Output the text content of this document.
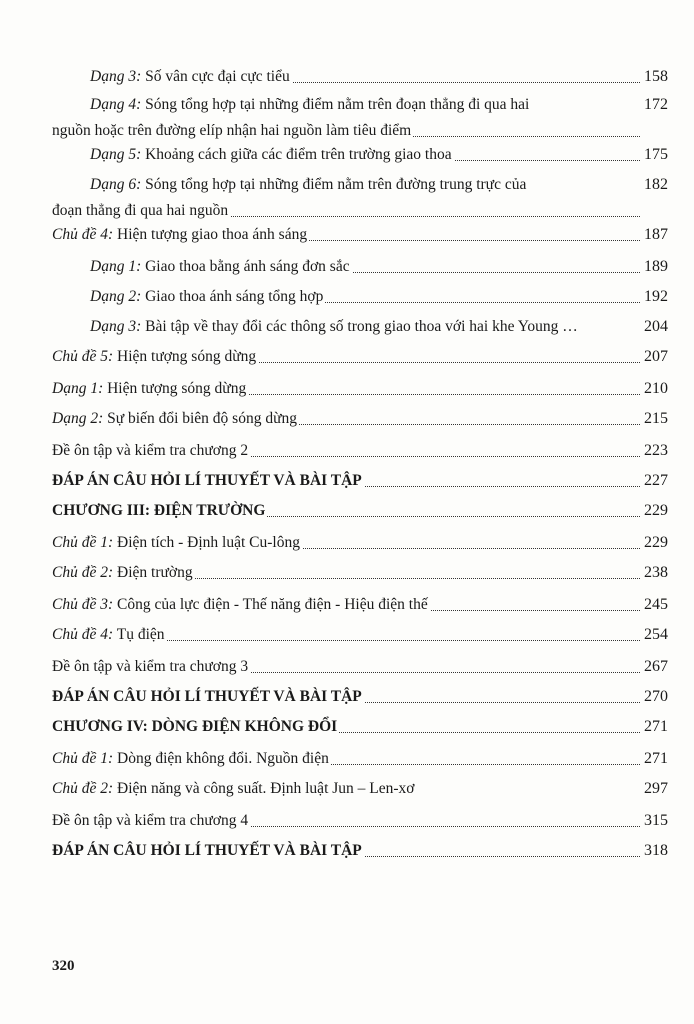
Dạng 3: Số vân cực đại cực tiểu	158
Dạng 4: Sóng tổng hợp tại những điểm nằm trên đoạn thẳng đi qua hai	172
nguồn hoặc trên đường elíp nhận hai nguồn làm tiêu điểm
Dạng 5: Khoảng cách giữa các điểm trên trường giao thoa	175
Dạng 6: Sóng tổng hợp tại những điểm nằm trên đường trung trực của	182
đoạn thẳng đi qua hai nguồn
Chủ đề 4: Hiện tượng giao thoa ánh sáng	187
Dạng 1: Giao thoa bằng ánh sáng đơn sắc	189
Dạng 2: Giao thoa ánh sáng tổng hợp	192
Dạng 3: Bài tập về thay đổi các thông số trong giao thoa với hai khe Young …	204
Chủ đề 5: Hiện tượng sóng dừng	207
Dạng 1: Hiện tượng sóng dừng	210
Dạng 2: Sự biến đổi biên độ sóng dừng	215
Đề ôn tập và kiểm tra chương 2	223
ĐÁP ÁN CÂU HỎI LÍ THUYẾT VÀ BÀI TẬP	227
CHƯƠNG III: ĐIỆN TRƯỜNG	229
Chủ đề 1: Điện tích - Định luật Cu-lông	229
Chủ đề 2: Điện trường	238
Chủ đề 3: Công của lực điện - Thế năng điện - Hiệu điện thế	245
Chủ đề 4: Tụ điện	254
Đề ôn tập và kiểm tra chương 3	267
ĐÁP ÁN CÂU HỎI LÍ THUYẾT VÀ BÀI TẬP	270
CHƯƠNG IV: DÒNG ĐIỆN KHÔNG ĐỔI	271
Chủ đề 1: Dòng điện không đổi. Nguồn điện	271
Chủ đề 2: Điện năng và công suất. Định luật Jun – Len-xơ	297
Đề ôn tập và kiểm tra chương 4	315
ĐÁP ÁN CÂU HỎI LÍ THUYẾT VÀ BÀI TẬP	318
320
